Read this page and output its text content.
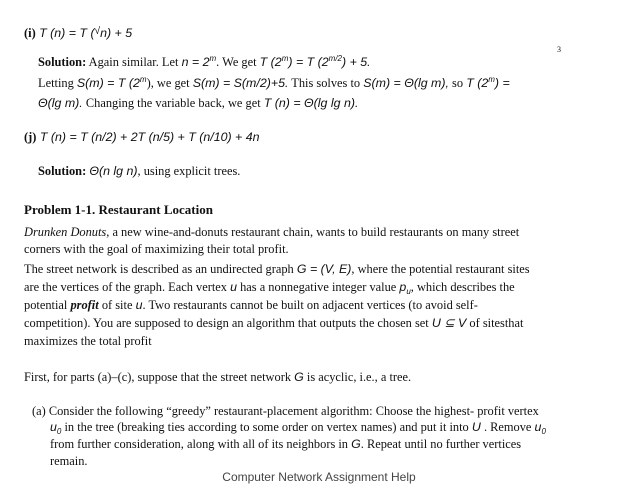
3
(i) T (n) = T (√n) + 5
Solution: Again similar. Let $n = 2^m$. We get T $(2^m) = T$ $(2^{m/2}) + 5$.
Letting S(m) = T (2$^m$), we get S(m) = S(m/2)+5. This solves to S(m) = Θ(lg m), so T $(2^m)$ =
Θ(lg m). Changing the variable back, we get T (n) = Θ(lg lg n).
(j) T (n) = T (n/2) + 2T (n/5) + T (n/10) + 4n
Solution: Θ(n lg n), using explicit trees.
Problem 1-1. Restaurant Location
Drunken Donuts, a new wine-and-donuts restaurant chain, wants to build restaurants on many street
corners with the goal of maximizing their total profit.
The street network is described as an undirected graph G = (V, E), where the potential restaurant sites
are the vertices of the graph. Each vertex u has a nonnegative integer value $p_u$, which describes the
potential profit of site u. Two restaurants cannot be built on adjacent vertices (to avoid self-
competition). You are supposed to design an algorithm that outputs the chosen set U ⊆ V of sitesthat
maximizes the total profit
First, for parts (a)–(c), suppose that the street network G is acyclic, i.e., a tree.
(a) Consider the following “greedy” restaurant-placement algorithm: Choose the highest- profit vertex
$u_0$ in the tree (breaking ties according to some order on vertex names) and put it into U . Remove $u_0$
from further consideration, along with all of its neighbors in G. Repeat until no further vertices
remain.
Computer Network Assignment Help
